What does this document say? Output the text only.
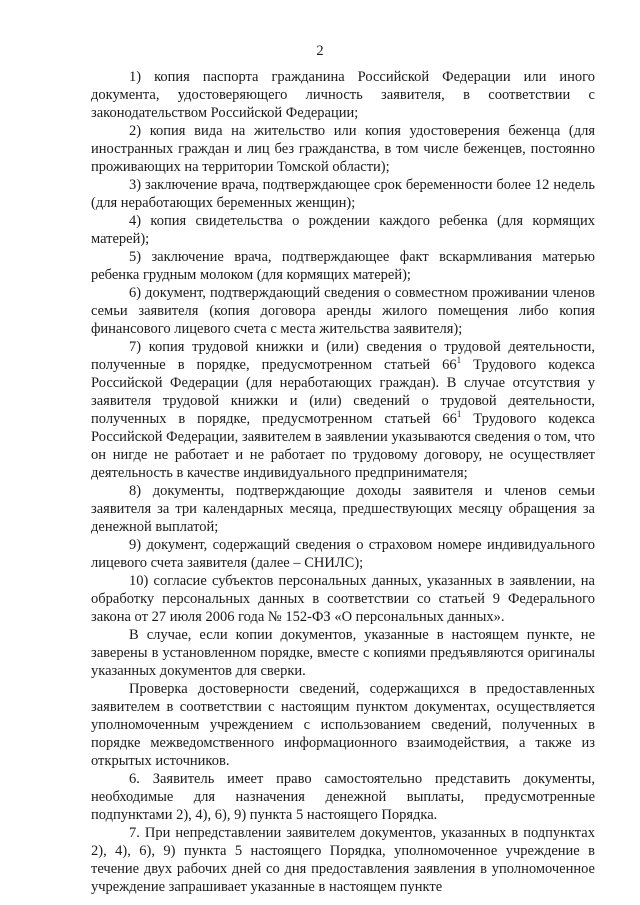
2

1) копия паспорта гражданина Российской Федерации или иного документа, удостоверяющего личность заявителя, в соответствии с законодательством Российской Федерации;

2) копия вида на жительство или копия удостоверения беженца (для иностранных граждан и лиц без гражданства, в том числе беженцев, постоянно проживающих на территории Томской области);

3) заключение врача, подтверждающее срок беременности более 12 недель (для неработающих беременных женщин);

4) копия свидетельства о рождении каждого ребенка (для кормящих матерей);

5) заключение врача, подтверждающее факт вскармливания матерью ребенка грудным молоком (для кормящих матерей);

6) документ, подтверждающий сведения о совместном проживании членов семьи заявителя (копия договора аренды жилого помещения либо копия финансового лицевого счета с места жительства заявителя);

7) копия трудовой книжки и (или) сведения о трудовой деятельности, полученные в порядке, предусмотренном статьей $66^1$ Трудового кодекса Российской Федерации (для неработающих граждан). В случае отсутствия у заявителя трудовой книжки и (или) сведений о трудовой деятельности, полученных в порядке, предусмотренном статьей $66^1$ Трудового кодекса Российской Федерации, заявителем в заявлении указываются сведения о том, что он нигде не работает и не работает по трудовому договору, не осуществляет деятельность в качестве индивидуального предпринимателя;

8) документы, подтверждающие доходы заявителя и членов семьи заявителя за три календарных месяца, предшествующих месяцу обращения за денежной выплатой;

9) документ, содержащий сведения о страховом номере индивидуального лицевого счета заявителя (далее – СНИЛС);

10) согласие субъектов персональных данных, указанных в заявлении, на обработку персональных данных в соответствии со статьей 9 Федерального закона от 27 июля 2006 года № 152-ФЗ «О персональных данных».

В случае, если копии документов, указанные в настоящем пункте, не заверены в установленном порядке, вместе с копиями предъявляются оригиналы указанных документов для сверки.

Проверка достоверности сведений, содержащихся в предоставленных заявителем в соответствии с настоящим пунктом документах, осуществляется уполномоченным учреждением с использованием сведений, полученных в порядке межведомственного информационного взаимодействия, а также из открытых источников.

6. Заявитель имеет право самостоятельно представить документы, необходимые для назначения денежной выплаты, предусмотренные подпунктами 2), 4), 6), 9) пункта 5 настоящего Порядка.

7. При непредставлении заявителем документов, указанных в подпунктах 2), 4), 6), 9) пункта 5 настоящего Порядка, уполномоченное учреждение в течение двух рабочих дней со дня предоставления заявления в уполномоченное учреждение запрашивает указанные в настоящем пункте
